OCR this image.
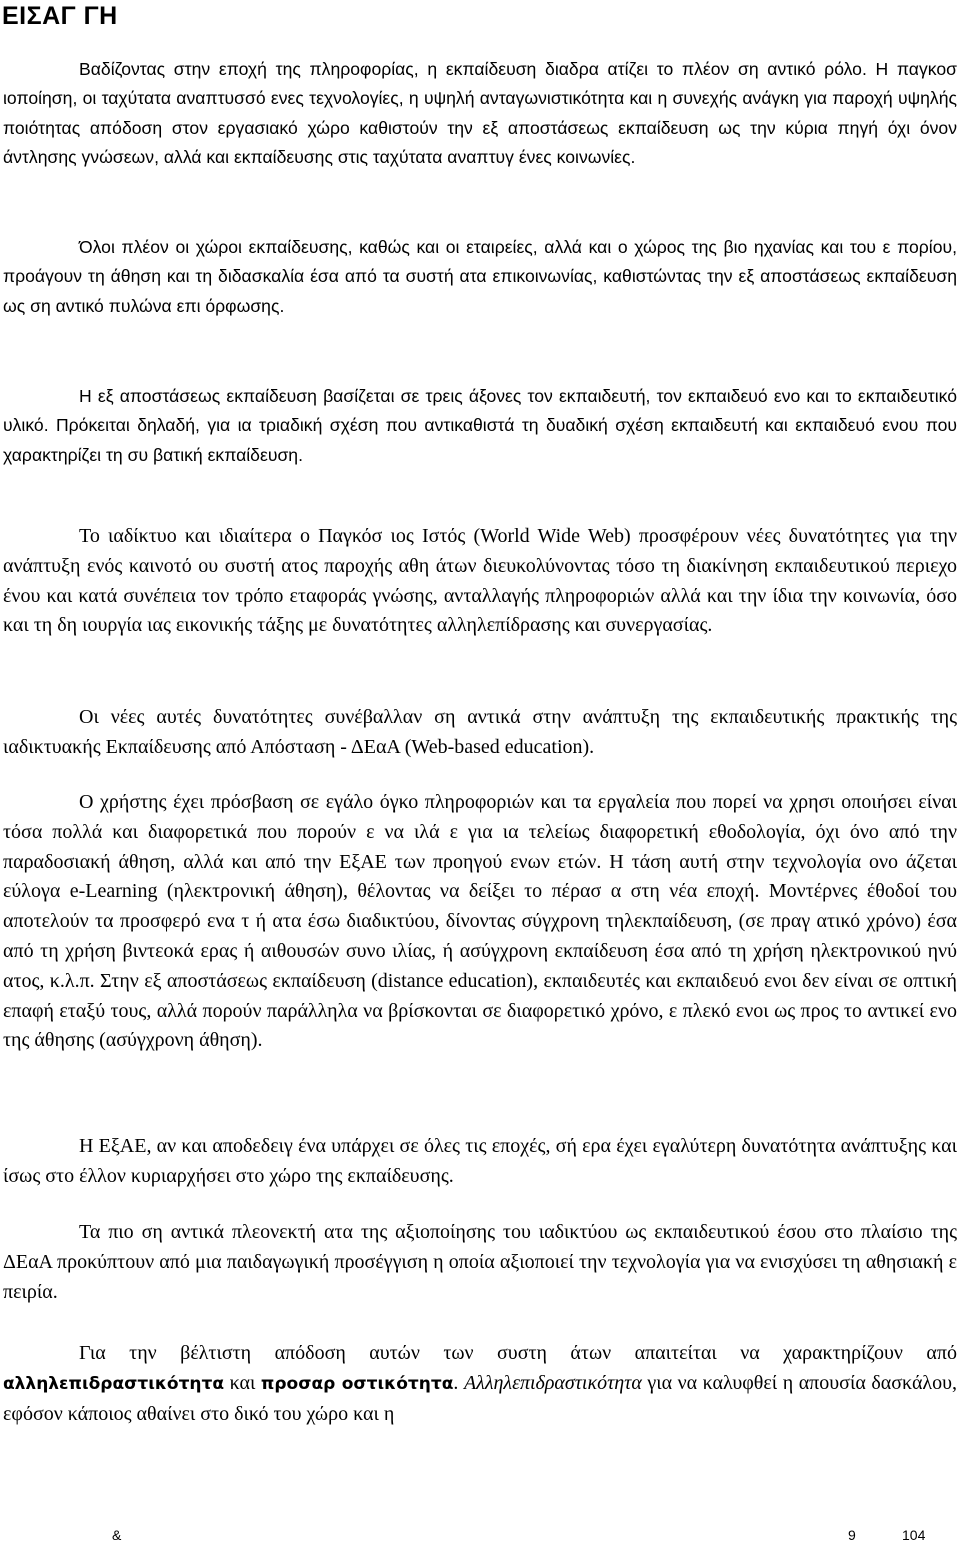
ΕΙΣΑΓ ΓΗ

Βαδίζοντας στην εποχή της πληροφορίας, η εκπαίδευση διαδρα ατίζει το πλέον ση αντικό ρόλο. Η παγκοσ ιοποίηση, οι ταχύτατα αναπτυσσό ενες τεχνολογίες, η υψηλή ανταγωνιστικότητα και η συνεχής ανάγκη για παροχή υψηλής ποιότητας απόδοση στον εργασιακό χώρο καθιστούν την εξ αποστάσεως εκπαίδευση ως την κύρια πηγή όχι όνον άντλησης γνώσεων, αλλά και εκπαίδευσης στις ταχύτατα αναπτυγ ένες κοινωνίες.

Όλοι πλέον οι χώροι εκπαίδευσης, καθώς και οι εταιρείες, αλλά και ο χώρος της βιο ηχανίας και του ε πορίου, προάγουν τη άθηση και τη διδασκαλία έσα από τα συστή ατα επικοινωνίας, καθιστώντας την εξ αποστάσεως εκπαίδευση ως ση αντικό πυλώνα επι όρφωσης.

Η εξ αποστάσεως εκπαίδευση βασίζεται σε τρεις άξονες τον εκπαιδευτή, τον εκπαιδευό ενο και το εκπαιδευτικό υλικό. Πρόκειται δηλαδή, για ια τριαδική σχέση που αντικαθιστά τη δυαδική σχέση εκπαιδευτή και εκπαιδευό ενου που χαρακτηρίζει τη συ βατική εκπαίδευση.

Το ιαδίκτυο και ιδιαίτερα ο Παγκόσ ιος Ιστός (World Wide Web) προσφέρουν νέες δυνατότητες για την ανάπτυξη ενός καινοτό ου συστή ατος παροχής αθη άτων διευκολύνοντας τόσο τη διακίνηση εκπαιδευτικού περιεχο ένου και κατά συνέπεια τον τρόπο εταφοράς γνώσης, ανταλλαγής πληροφοριών αλλά και την ίδια την κοινωνία, όσο και τη δη ιουργία ιας εικονικής τάξης με δυνατότητες αλληλεπίδρασης και συνεργασίας.

Οι νέες αυτές δυνατότητες συνέβαλλαν ση αντικά στην ανάπτυξη της εκπαιδευτικής πρακτικής της ιαδικτυακής Εκπαίδευσης από Απόσταση - ΔΕαΑ (Web-based education).

Ο χρήστης έχει πρόσβαση σε εγάλο όγκο πληροφοριών και τα εργαλεία που πορεί να χρησι οποιήσει είναι τόσα πολλά και διαφορετικά που πορούν ε να ιλά ε για ια τελείως διαφορετική εθοδολογία, όχι όνο από την παραδοσιακή άθηση, αλλά και από την ΕξΑΕ των προηγού ενων ετών. Η τάση αυτή στην τεχνολογία ονο άζεται εύλογα e-Learning (ηλεκτρονική άθηση), θέλοντας να δείξει το πέρασ α στη νέα εποχή. Μοντέρνες έθοδοί του αποτελούν τα προσφερό ενα τ ή ατα έσω διαδικτύου, δίνοντας σύγχρονη τηλεκπαίδευση, (σε πραγ ατικό χρόνο) έσα από τη χρήση βιντεοκά ερας ή αιθουσών συνο ιλίας, ή ασύγχρονη εκπαίδευση έσα από τη χρήση ηλεκτρονικού ηνύ ατος, κ.λ.π. Στην εξ αποστάσεως εκπαίδευση (distance education), εκπαιδευτές και εκπαιδευό ενοι δεν είναι σε οπτική επαφή εταξύ τους, αλλά πορούν παράλληλα να βρίσκονται σε διαφορετικό χρόνο, ε πλεκό ενοι ως προς το αντικεί ενο της άθησης (ασύγχρονη άθηση).

Η ΕξΑΕ, αν και αποδεδειγ ένα υπάρχει σε όλες τις εποχές, σή ερα έχει εγαλύτερη δυνατότητα ανάπτυξης και ίσως στο έλλον κυριαρχήσει στο χώρο της εκπαίδευσης.

Τα πιο ση αντικά πλεονεκτή ατα της αξιοποίησης του ιαδικτύου ως εκπαιδευτικού έσου στο πλαίσιο της ΔΕαΑ προκύπτουν από μια παιδαγωγική προσέγγιση η οποία αξιοποιεί την τεχνολογία για να ενισχύσει τη αθησιακή ε πειρία.

Για την βέλτιστη απόδοση αυτών των συστη άτων απαιτείται να χαρακτηρίζουν από αλληλεπιδραστικότητα και προσαρ οστικότητα. Αλληλεπιδραστικότητα για να καλυφθεί η απουσία δασκάλου, εφόσον κάποιος αθαίνει στο δικό του χώρο και η

&	9	104
